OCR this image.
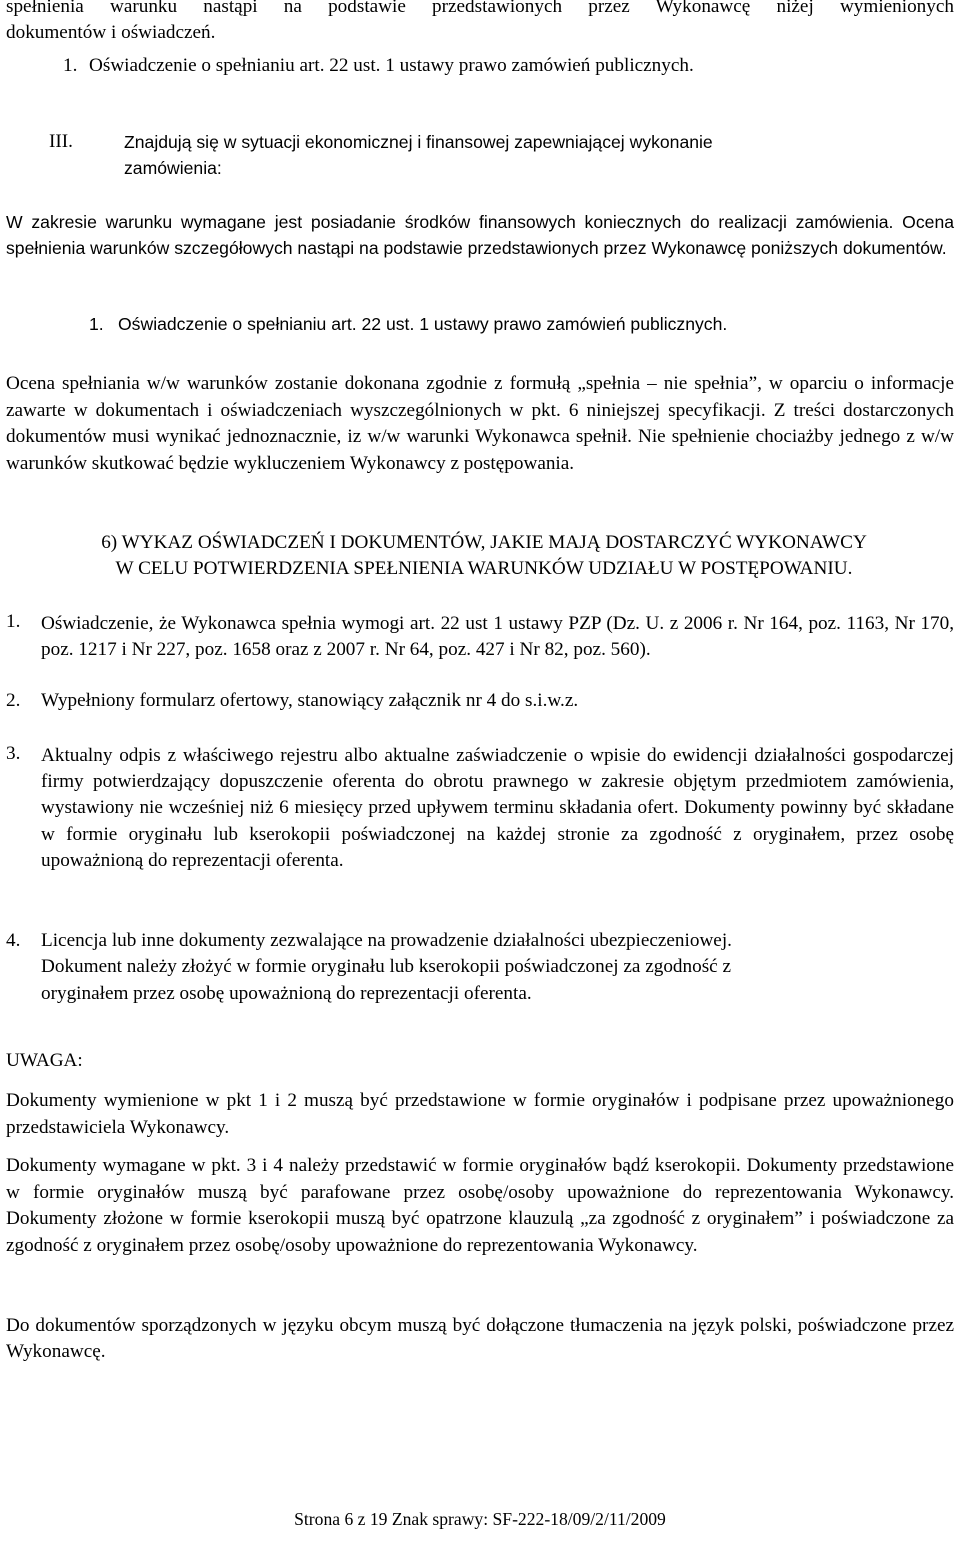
spełnienia warunku nastąpi na podstawie przedstawionych przez Wykonawcę niżej wymienionych
dokumentów i oświadczeń.
1. Oświadczenie o spełnianiu art. 22 ust. 1 ustawy prawo zamówień publicznych.
III.	Znajdują się w sytuacji ekonomicznej i finansowej zapewniającej wykonanie
zamówienia:
W zakresie warunku wymagane jest posiadanie środków finansowych koniecznych do realizacji zamówienia. Ocena spełnienia warunków szczegółowych nastąpi na podstawie przedstawionych przez Wykonawcę poniższych dokumentów.
1. Oświadczenie o spełnianiu art. 22 ust. 1 ustawy prawo zamówień publicznych.
Ocena spełniania w/w warunków zostanie dokonana zgodnie z formułą „spełnia – nie spełnia”, w oparciu o informacje zawarte w dokumentach i oświadczeniach wyszczególnionych w pkt. 6 niniejszej specyfikacji. Z treści dostarczonych dokumentów musi wynikać jednoznacznie, iz w/w warunki Wykonawca spełnił. Nie spełnienie chociażby jednego z w/w warunków skutkować będzie wykluczeniem Wykonawcy z postępowania.
6) WYKAZ OŚWIADCZEŃ I DOKUMENTÓW, JAKIE MAJĄ DOSTARCZYĆ WYKONAWCY
W CELU POTWIERDZENIA SPEŁNIENIA WARUNKÓW UDZIAŁU W POSTĘPOWANIU.
1. Oświadczenie, że Wykonawca spełnia wymogi art. 22 ust 1 ustawy PZP (Dz. U. z 2006 r. Nr 164, poz. 1163, Nr 170, poz. 1217 i Nr 227, poz. 1658 oraz z 2007 r. Nr 64, poz. 427 i Nr 82, poz. 560).
2. Wypełniony formularz ofertowy, stanowiący załącznik nr 4 do s.i.w.z.
3. Aktualny odpis z właściwego rejestru albo aktualne zaświadczenie o wpisie do ewidencji działalności gospodarczej firmy potwierdzający dopuszczenie oferenta do obrotu prawnego w zakresie objętym przedmiotem zamówienia, wystawiony nie wcześniej niż 6 miesięcy przed upływem terminu składania ofert. Dokumenty powinny być składane w formie oryginału lub kserokopii poświadczonej na każdej stronie za zgodność z oryginałem, przez osobę upoważnioną do reprezentacji oferenta.
4. Licencja lub inne dokumenty zezwalające na prowadzenie działalności ubezpieczeniowej.
Dokument należy złożyć w formie oryginału lub kserokopii poświadczonej za zgodność z
oryginałem przez osobę upoważnioną do reprezentacji oferenta.
UWAGA:
Dokumenty wymienione w pkt 1 i 2 muszą być przedstawione w formie oryginałów i podpisane przez upoważnionego przedstawiciela Wykonawcy.
Dokumenty wymagane w pkt. 3 i 4 należy przedstawić w formie oryginałów bądź kserokopii. Dokumenty przedstawione w formie oryginałów muszą być parafowane przez osobę/osoby upoważnione do reprezentowania Wykonawcy. Dokumenty złożone w formie kserokopii muszą być opatrzone klauzulą „za zgodność z oryginałem” i poświadczone za zgodność z oryginałem przez osobę/osoby upoważnione do reprezentowania Wykonawcy.
Do dokumentów sporządzonych w języku obcym muszą być dołączone tłumaczenia na język polski, poświadczone przez Wykonawcę.
Strona 6 z 19 Znak sprawy: SF-222-18/09/2/11/2009
